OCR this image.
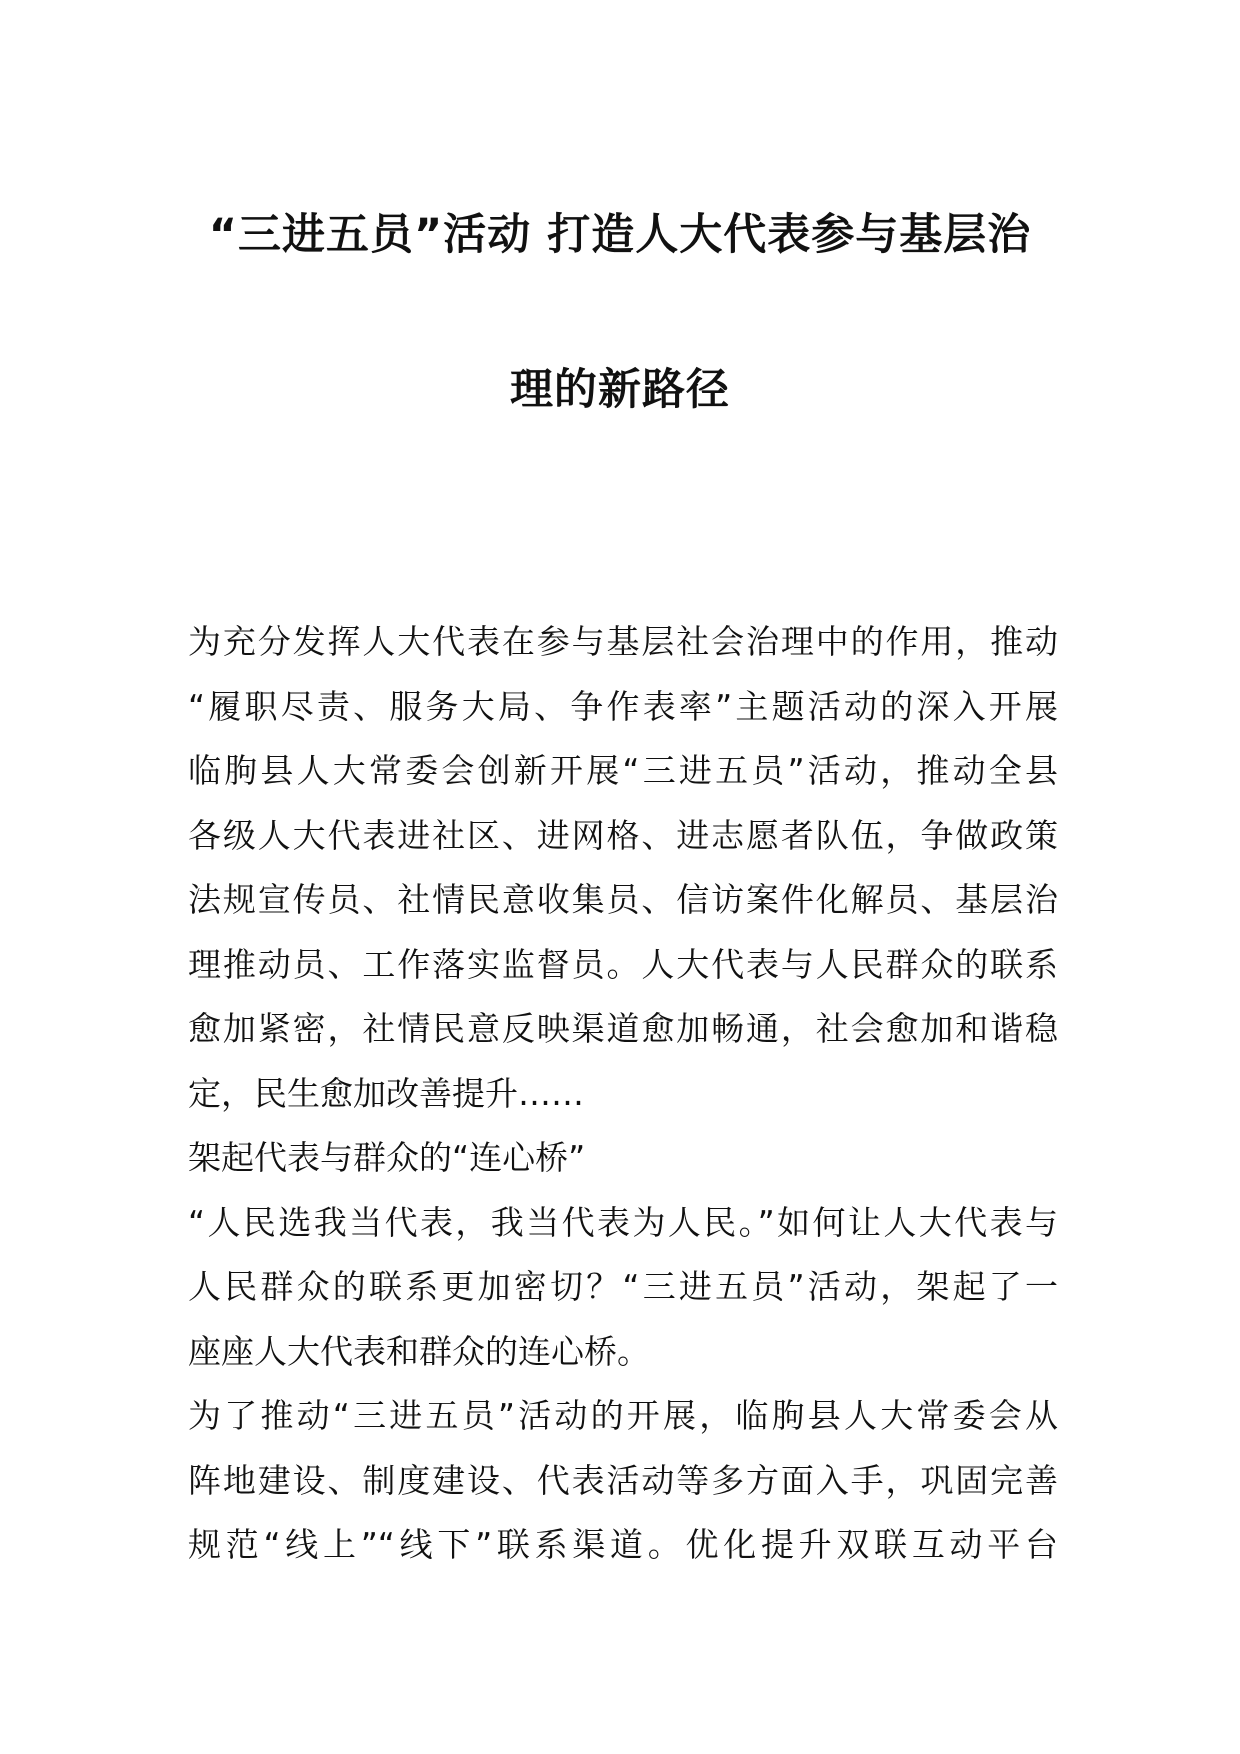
“三进五员”活动 打造人大代表参与基层治
理的新路径
为充分发挥人大代表在参与基层社会治理中的作用，推动
“履职尽责、服务大局、争作表率”主题活动的深入开展
临朐县人大常委会创新开展“三进五员”活动，推动全县
各级人大代表进社区、进网格、进志愿者队伍，争做政策
法规宣传员、社情民意收集员、信访案件化解员、基层治
理推动员、工作落实监督员。人大代表与人民群众的联系
愈加紧密，社情民意反映渠道愈加畅通，社会愈加和谐稳
定，民生愈加改善提升……
架起代表与群众的“连心桥”
“人民选我当代表，我当代表为人民。”如何让人大代表与
人民群众的联系更加密切？“三进五员”活动，架起了一
座座人大代表和群众的连心桥。
为了推动“三进五员”活动的开展，临朐县人大常委会从
阵地建设、制度建设、代表活动等多方面入手，巩固完善
规范“线上”“线下”联系渠道。优化提升双联互动平台
